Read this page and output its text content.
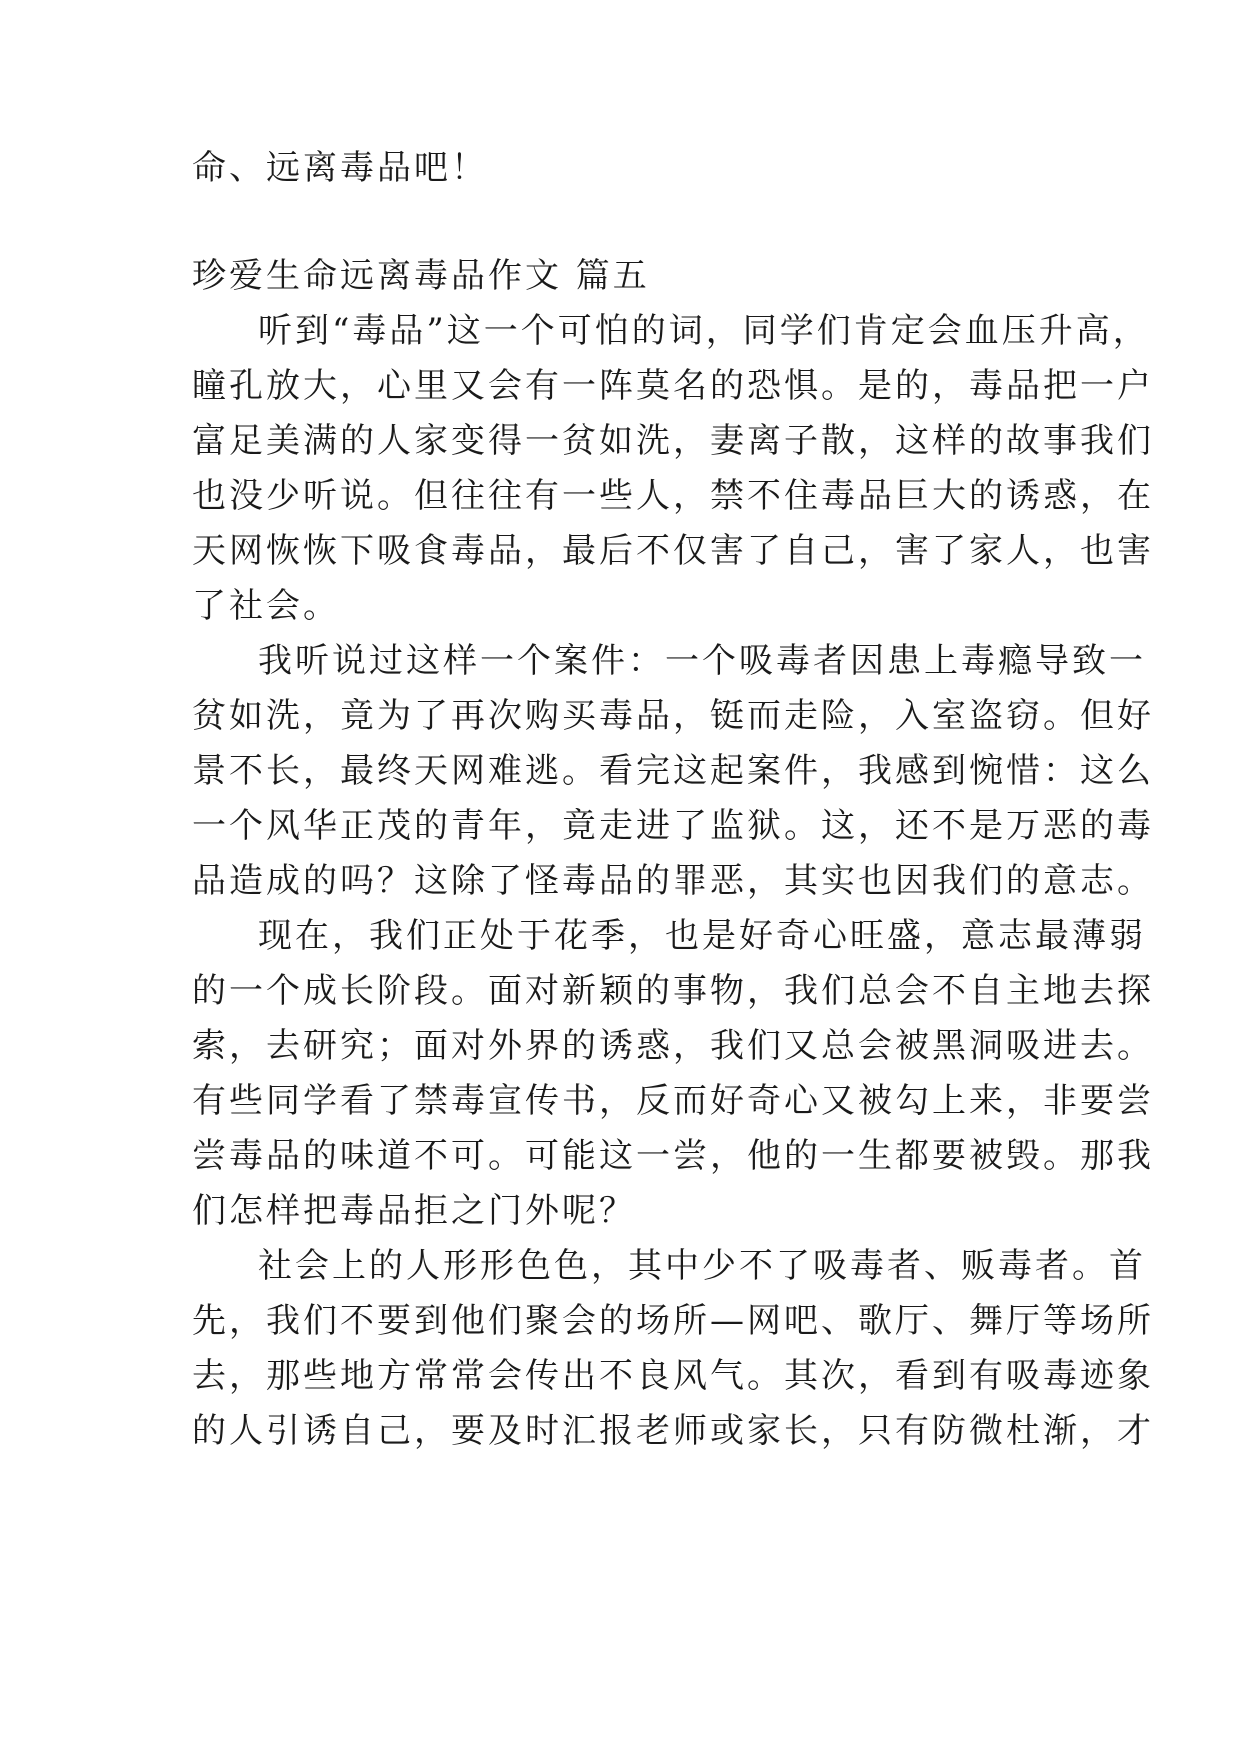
命、远离毒品吧！
珍爱生命远离毒品作文 篇五
听到“毒品”这一个可怕的词，同学们肯定会血压升高，
瞳孔放大，心里又会有一阵莫名的恐惧。是的，毒品把一户
富足美满的人家变得一贫如洗，妻离子散，这样的故事我们
也没少听说。但往往有一些人，禁不住毒品巨大的诱惑，在
天网恢恢下吸食毒品，最后不仅害了自己，害了家人，也害
了社会。
我听说过这样一个案件：一个吸毒者因患上毒瘾导致一
贫如洗，竟为了再次购买毒品，铤而走险，入室盗窃。但好
景不长，最终天网难逃。看完这起案件，我感到惋惜：这么
一个风华正茂的青年，竟走进了监狱。这，还不是万恶的毒
品造成的吗？这除了怪毒品的罪恶，其实也因我们的意志。
现在，我们正处于花季，也是好奇心旺盛，意志最薄弱
的一个成长阶段。面对新颖的事物，我们总会不自主地去探
索，去研究；面对外界的诱惑，我们又总会被黑洞吸进去。
有些同学看了禁毒宣传书，反而好奇心又被勾上来，非要尝
尝毒品的味道不可。可能这一尝，他的一生都要被毁。那我
们怎样把毒品拒之门外呢？
社会上的人形形色色，其中少不了吸毒者、贩毒者。首
先，我们不要到他们聚会的场所—网吧、歌厅、舞厅等场所
去，那些地方常常会传出不良风气。其次，看到有吸毒迹象
的人引诱自己，要及时汇报老师或家长，只有防微杜渐，才
